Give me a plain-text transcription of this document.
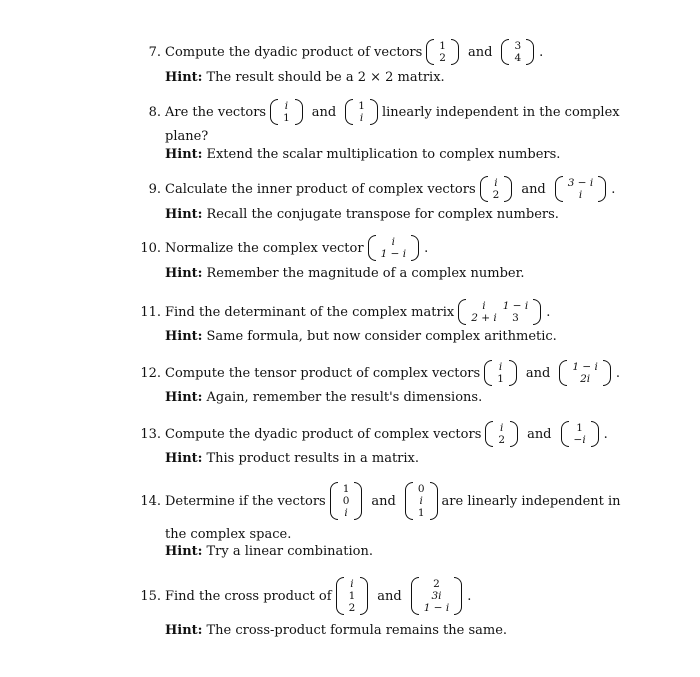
7. Compute the dyadic product of vectors 1
2 and 3
4 .
Hint: The result should be a 2 × 2 matrix.
8. Are the vectors	i
1 and 1
i	linearly independent in the complex
plane?
Hint: Extend the scalar multiplication to complex numbers.
9. Calculate the inner product of complex vectors	i
2 and 3 − i
i	.
Hint: Recall the conjugate transpose for complex numbers.
10. Normalize the complex vector	i
1 − i .
Hint: Remember the magnitude of a complex number.
11. Find the determinant of the complex matrix	i	1 − i
2 + i	3	.
Hint: Same formula, but now consider complex arithmetic.
12. Compute the tensor product of complex vectors	i
1 and 1 − i
2i	.
Hint: Again, remember the result's dimensions.
13. Compute the dyadic product of complex vectors	i
2 and	1
−i .
Hint: This product results in a matrix.
14. Determine if the vectors
1
0
i
and
0
i
1
are linearly independent in
the complex space.
Hint: Try a linear combination.
15. Find the cross product of
i
1
2
and
2
3i
1 − i
.
Hint: The cross-product formula remains the same.
